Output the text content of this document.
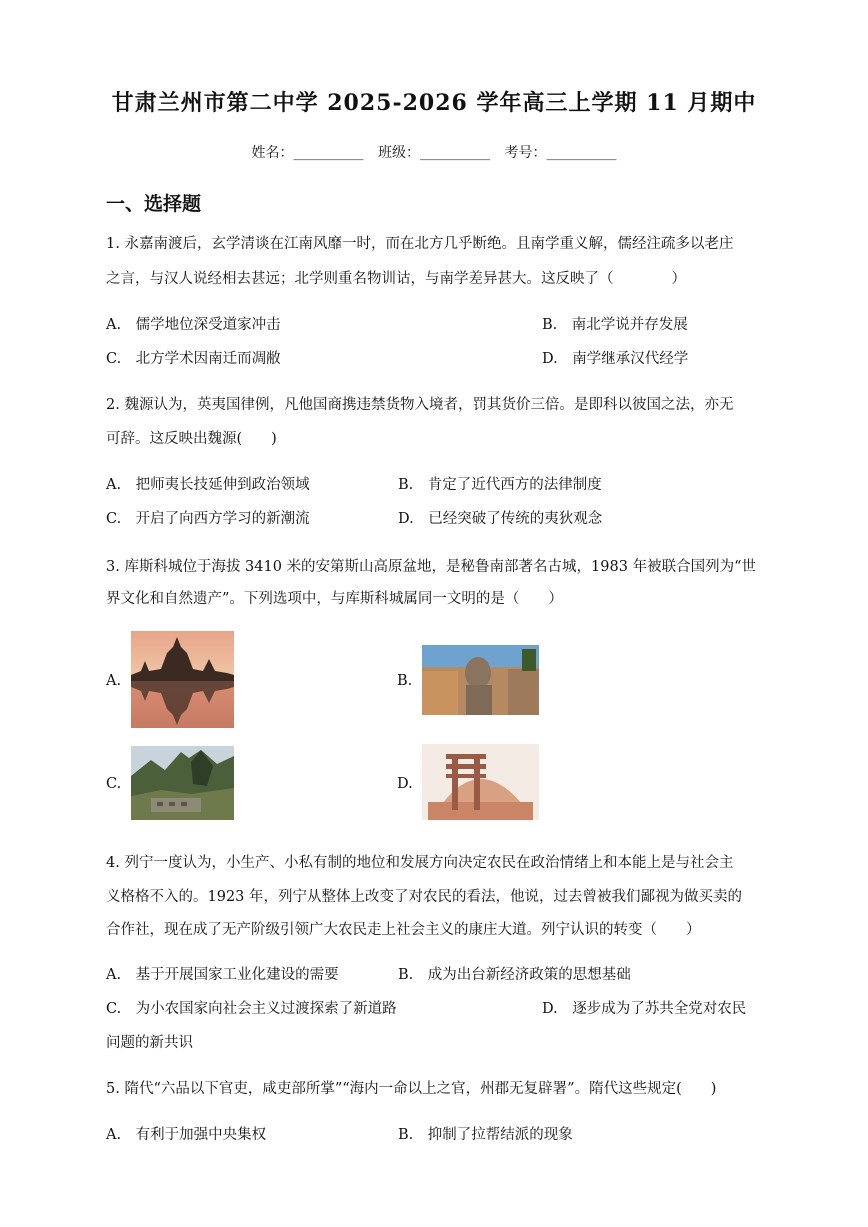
甘肃兰州市第二中学 2025-2026 学年高三上学期 11 月期中
姓名：__________ 班级：__________ 考号：__________
一、选择题
1. 永嘉南渡后，玄学清谈在江南风靡一时，而在北方几乎断绝。且南学重义解，儒经注疏多以老庄
之言，与汉人说经相去甚远；北学则重名物训诂，与南学差异甚大。这反映了（　　　　）
A.　儒学地位深受道家冲击	B.　南北学说并存发展
C.　北方学术因南迁而凋敝	D.　南学继承汉代经学
2. 魏源认为，英夷国律例，凡他国商携违禁货物入境者，罚其货价三倍。是即科以彼国之法，亦无
可辞。这反映出魏源(　　)
A.　把师夷长技延伸到政治领域	B.　肯定了近代西方的法律制度
C.　开启了向西方学习的新潮流	D.　已经突破了传统的夷狄观念
3. 库斯科城位于海拔 3410 米的安第斯山高原盆地，是秘鲁南部著名古城，1983 年被联合国列为“世
界文化和自然遗产”。下列选项中，与库斯科城属同一文明的是（　　）
A.	B.
C.	D.
4. 列宁一度认为，小生产、小私有制的地位和发展方向决定农民在政治情绪上和本能上是与社会主
义格格不入的。1923 年，列宁从整体上改变了对农民的看法，他说，过去曾被我们鄙视为做买卖的
合作社，现在成了无产阶级引领广大农民走上社会主义的康庄大道。列宁认识的转变（　　）
A.　基于开展国家工业化建设的需要	B.　成为出台新经济政策的思想基础
C.　为小农国家向社会主义过渡探索了新道路	D.　逐步成为了苏共全党对农民
问题的新共识
5. 隋代“六品以下官吏，咸吏部所掌”“海内一命以上之官，州郡无复辟署”。隋代这些规定(　　)
A.　有利于加强中央集权	B.　抑制了拉帮结派的现象
